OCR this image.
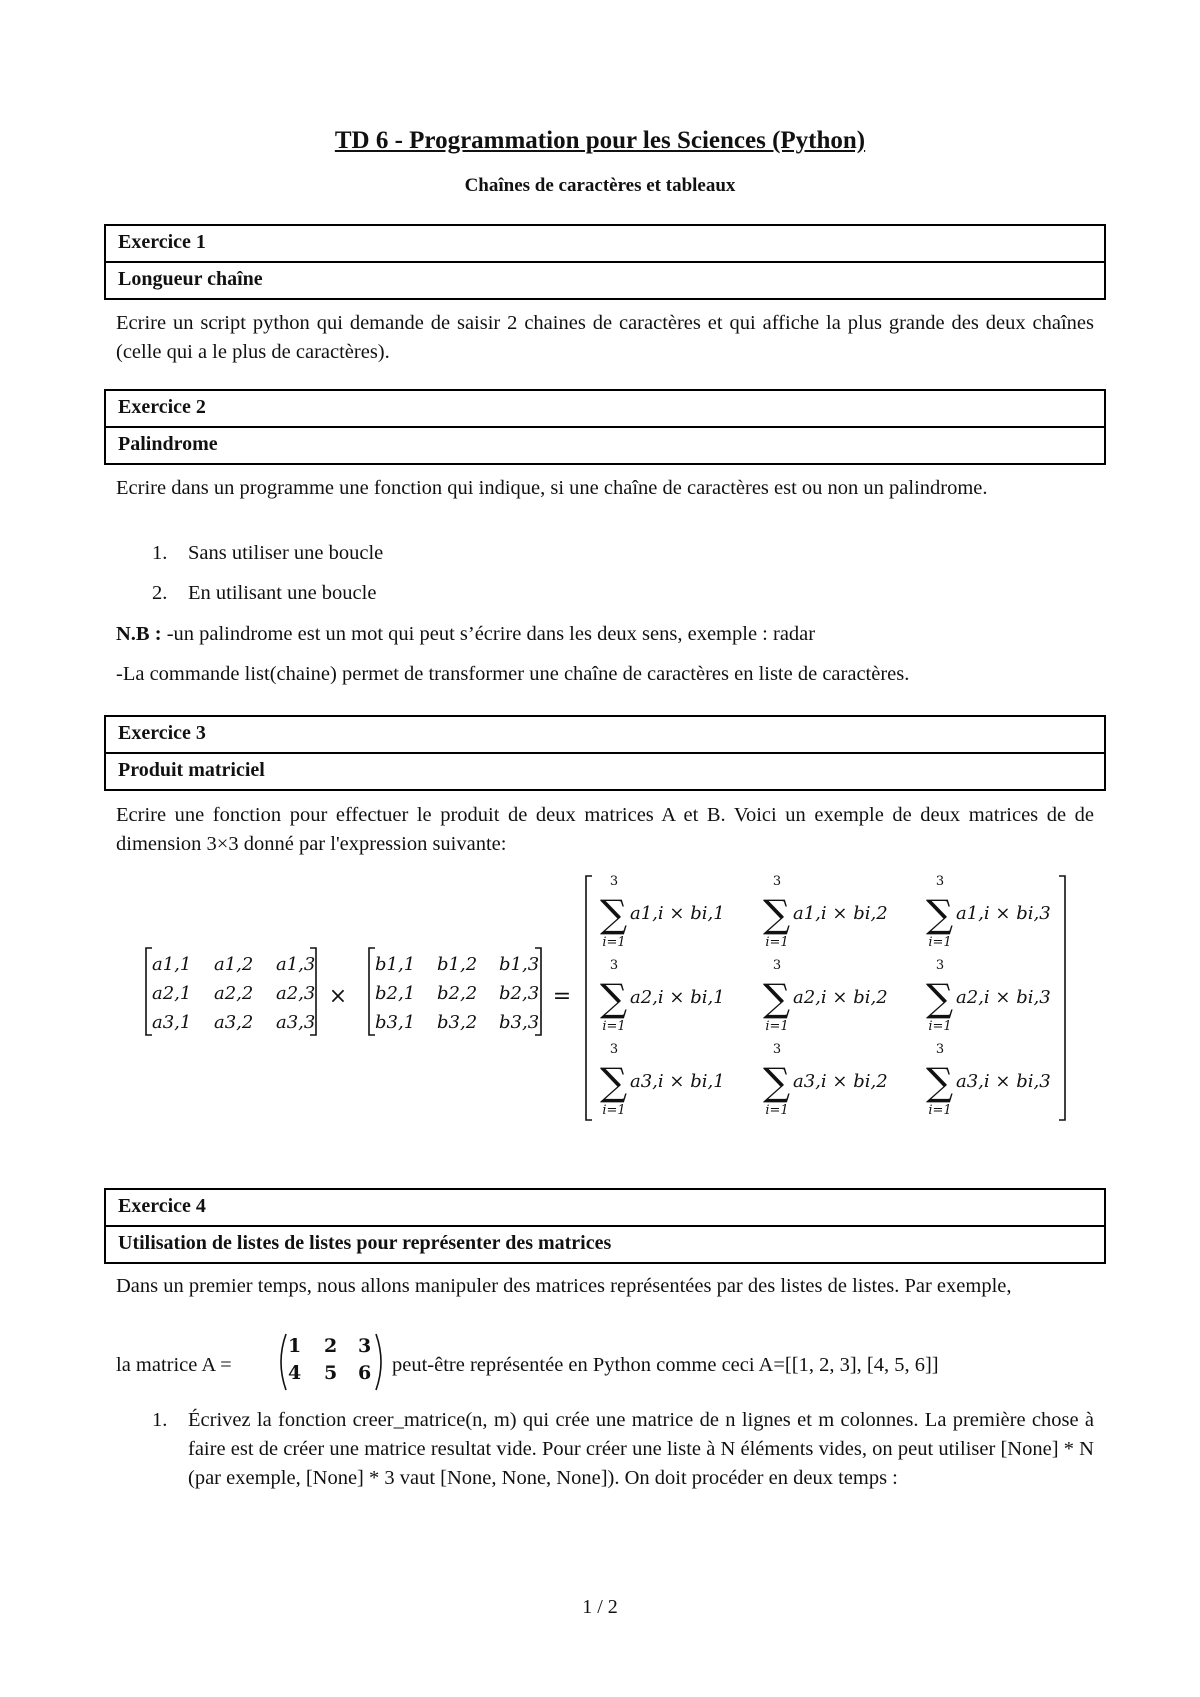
TD 6 - Programmation pour les Sciences (Python)
Chaînes de caractères et tableaux
Exercice 1
Longueur chaîne
Ecrire un script python qui demande de saisir 2 chaines de caractères et qui affiche la plus grande des deux chaînes (celle qui a le plus de caractères).
Exercice 2
Palindrome
Ecrire dans un programme une fonction qui indique, si une chaîne de caractères est ou non un palindrome.
1. Sans utiliser une boucle
2. En utilisant une boucle
N.B : -un palindrome est un mot qui peut s’écrire dans les deux sens, exemple : radar
-La commande list(chaine) permet de transformer une chaîne de caractères en liste de caractères.
Exercice 3
Produit matriciel
Ecrire une fonction pour effectuer le produit de deux matrices A et B. Voici un exemple de deux matrices de de dimension 3×3 donné par l'expression suivante:
a1,1 a1,2 a1,3
a2,1 a2,2 a2,3
a3,1 a3,2 a3,3
×
b1,1 b1,2 b1,3
b2,1 b2,2 b2,3
b3,1 b3,2 b3,3
=
3
∑
i=1
a1,i × bi,1
3
∑
i=1
a1,i × bi,2
3
∑
i=1
a1,i × bi,3
3
∑
i=1
a2,i × bi,1
3
∑
i=1
a2,i × bi,2
3
∑
i=1
a2,i × bi,3
3
∑
i=1
a3,i × bi,1
3
∑
i=1
a3,i × bi,2
3
∑
i=1
a3,i × bi,3
1 2 3
4 5 6
Exercice 4
Utilisation de listes de listes pour représenter des matrices
Dans un premier temps, nous allons manipuler des matrices représentées par des listes de listes. Par exemple,
la matrice A =	peut-être représentée en Python comme ceci A=[[1, 2, 3], [4, 5, 6]]
1. Écrivez la fonction creer_matrice(n, m) qui crée une matrice de n lignes et m colonnes. La première chose à faire est de créer une matrice resultat vide. Pour créer une liste à N éléments vides, on peut utiliser [None] * N (par exemple, [None] * 3 vaut [None, None, None]). On doit procéder en deux temps :
1 / 2
